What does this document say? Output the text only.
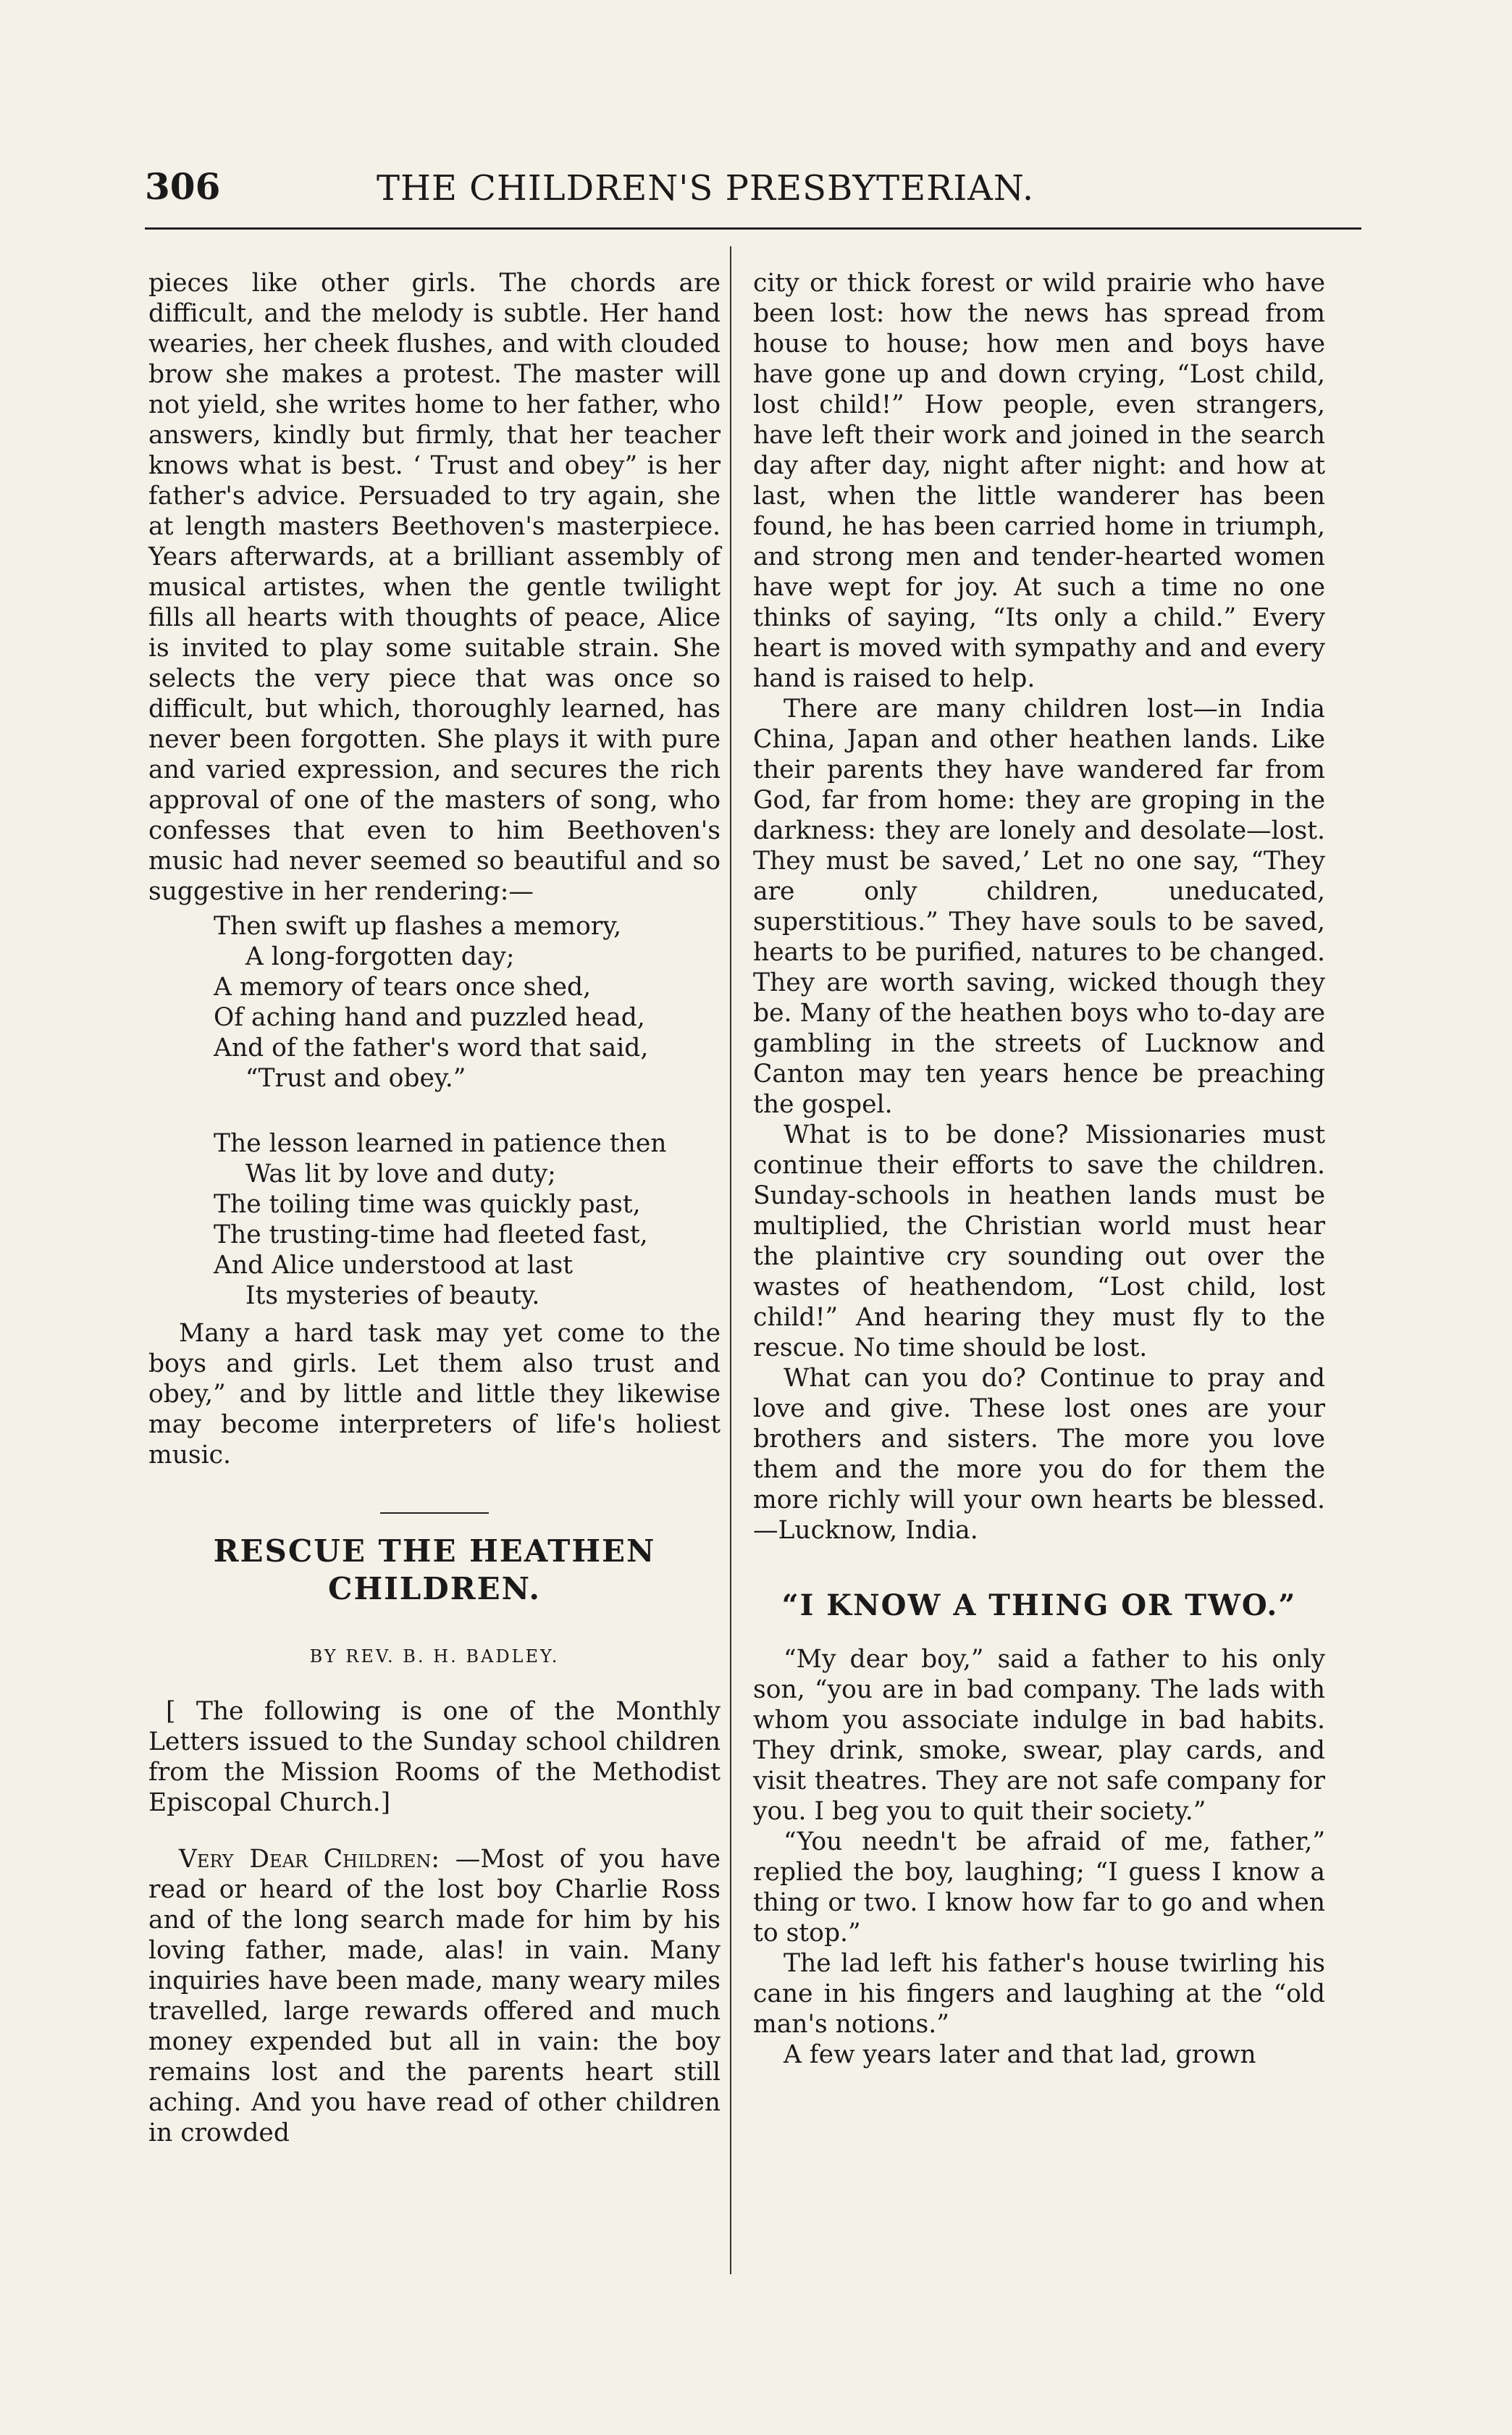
306	THE CHILDREN'S PRESBYTERIAN.

pieces like other girls. The chords are difficult, and the melody is subtle. Her hand wearies, her cheek flushes, and with clouded brow she makes a protest. The master will not yield, she writes home to her father, who answers, kindly but firmly, that her teacher knows what is best. ‘ Trust and obey” is her father's advice. Persuaded to try again, she at length masters Beethoven's masterpiece. Years afterwards, at a brilliant assembly of musical artistes, when the gentle twilight fills all hearts with thoughts of peace, Alice is invited to play some suitable strain. She selects the very piece that was once so difficult, but which, thoroughly learned, has never been forgotten. She plays it with pure and varied expression, and secures the rich approval of one of the masters of song, who confesses that even to him Beethoven's music had never seemed so beautiful and so suggestive in her rendering:—

Then swift up flashes a memory,
A long-forgotten day;
A memory of tears once shed,
Of aching hand and puzzled head,
And of the father's word that said,
“Trust and obey.”
The lesson learned in patience then
Was lit by love and duty;
The toiling time was quickly past,
The trusting-time had fleeted fast,
And Alice understood at last
Its mysteries of beauty.

Many a hard task may yet come to the boys and girls. Let them also trust and obey,” and by little and little they likewise may become interpreters of life's holiest music.

RESCUE THE HEATHEN CHILDREN.
BY REV. B. H. BADLEY.

[ The following is one of the Monthly Letters issued to the Sunday school children from the Mission Rooms of the Methodist Episcopal Church.]

Very Dear Children: —Most of you have read or heard of the lost boy Charlie Ross and of the long search made for him by his loving father, made, alas! in vain. Many inquiries have been made, many weary miles travelled, large rewards offered and much money expended but all in vain: the boy remains lost and the parents heart still aching. And you have read of other children in crowded

city or thick forest or wild prairie who have been lost: how the news has spread from house to house; how men and boys have have gone up and down crying, “Lost child, lost child!” How people, even strangers, have left their work and joined in the search day after day, night after night: and how at last, when the little wanderer has been found, he has been carried home in triumph, and strong men and tender-hearted women have wept for joy. At such a time no one thinks of saying, “Its only a child.” Every heart is moved with sympathy and and every hand is raised to help.

There are many children lost—in India China, Japan and other heathen lands. Like their parents they have wandered far from God, far from home: they are groping in the darkness: they are lonely and desolate—lost. They must be saved,’ Let no one say, “They are only children, uneducated, superstitious.” They have souls to be saved, hearts to be purified, natures to be changed. They are worth saving, wicked though they be. Many of the heathen boys who to-day are gambling in the streets of Lucknow and Canton may ten years hence be preaching the gospel.

What is to be done? Missionaries must continue their efforts to save the children. Sunday-schools in heathen lands must be multiplied, the Christian world must hear the plaintive cry sounding out over the wastes of heathendom, “Lost child, lost child!” And hearing they must fly to the rescue. No time should be lost.

What can you do? Continue to pray and love and give. These lost ones are your brothers and sisters. The more you love them and the more you do for them the more richly will your own hearts be blessed.—Lucknow, India.

“I KNOW A THING OR TWO.”

“My dear boy,” said a father to his only son, “you are in bad company. The lads with whom you associate indulge in bad habits. They drink, smoke, swear, play cards, and visit theatres. They are not safe company for you. I beg you to quit their society.”

“You needn't be afraid of me, father,” replied the boy, laughing; “I guess I know a thing or two. I know how far to go and when to stop.”

The lad left his father's house twirling his cane in his fingers and laughing at the “old man's notions.”

A few years later and that lad, grown
